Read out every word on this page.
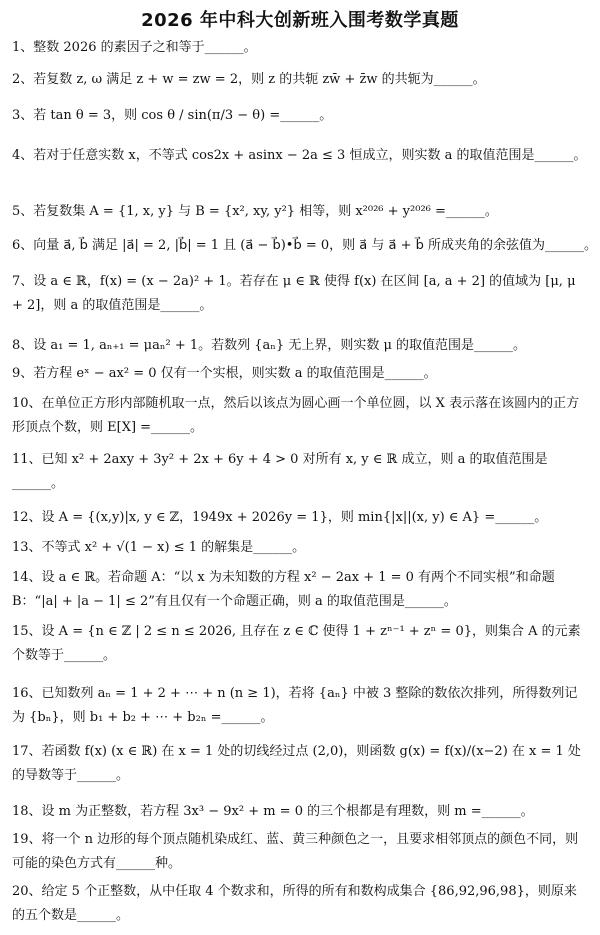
2026 年中科大创新班入围考数学真题
1、整数 2026 的素因子之和等于______。
2、若复数 z, ω 满足 z + w = zw = 2，则 z 的共轭 zw̄ + z̄w 的共轭为______。
3、若 tan θ = 3，则 cos θ / sin(π/3 − θ) =______。
4、若对于任意实数 x，不等式 cos2x + asinx − 2a ≤ 3 恒成立，则实数 a 的取值范围是______。
5、若复数集 A = {1, x, y} 与 B = {x², xy, y²} 相等，则 x²⁰²⁶ + y²⁰²⁶ =______。
6、向量 a⃗, b⃗ 满足 |a⃗| = 2, |b⃗| = 1 且 (a⃗ − b⃗)•b⃗ = 0，则 a⃗ 与 a⃗ + b⃗ 所成夹角的余弦值为______。
7、设 a ∈ ℝ，f(x) = (x − 2a)² + 1。若存在 μ ∈ ℝ 使得 f(x) 在区间 [a, a + 2] 的值域为 [μ, μ + 2]，则 a 的取值范围是______。
8、设 a₁ = 1, aₙ₊₁ = μaₙ² + 1。若数列 {aₙ} 无上界，则实数 μ 的取值范围是______。
9、若方程 eˣ − ax² = 0 仅有一个实根，则实数 a 的取值范围是______。
10、在单位正方形内部随机取一点，然后以该点为圆心画一个单位圆，以 X 表示落在该圆内的正方形顶点个数，则 E[X] =______。
11、已知 x² + 2axy + 3y² + 2x + 6y + 4 > 0 对所有 x, y ∈ ℝ 成立，则 a 的取值范围是______。
12、设 A = {(x,y)|x, y ∈ ℤ，1949x + 2026y = 1}，则 min{|x||(x, y) ∈ A} =______。
13、不等式 x² + √(1 − x) ≤ 1 的解集是______。
14、设 a ∈ ℝ。若命题 A：“以 x 为未知数的方程 x² − 2ax + 1 = 0 有两个不同实根”和命题 B：“|a| + |a − 1| ≤ 2”有且仅有一个命题正确，则 a 的取值范围是______。
15、设 A = {n ∈ ℤ | 2 ≤ n ≤ 2026, 且存在 z ∈ ℂ 使得 1 + zⁿ⁻¹ + zⁿ = 0}，则集合 A 的元素个数等于______。
16、已知数列 aₙ = 1 + 2 + ⋯ + n (n ≥ 1)，若将 {aₙ} 中被 3 整除的数依次排列，所得数列记为 {bₙ}，则 b₁ + b₂ + ⋯ + b₂ₙ =______。
17、若函数 f(x) (x ∈ ℝ) 在 x = 1 处的切线经过点 (2,0)，则函数 g(x) = f(x)/(x−2) 在 x = 1 处的导数等于______。
18、设 m 为正整数，若方程 3x³ − 9x² + m = 0 的三个根都是有理数，则 m =______。
19、将一个 n 边形的每个顶点随机染成红、蓝、黄三种颜色之一，且要求相邻顶点的颜色不同，则可能的染色方式有______种。
20、给定 5 个正整数，从中任取 4 个数求和，所得的所有和数构成集合 {86,92,96,98}，则原来的五个数是______。
